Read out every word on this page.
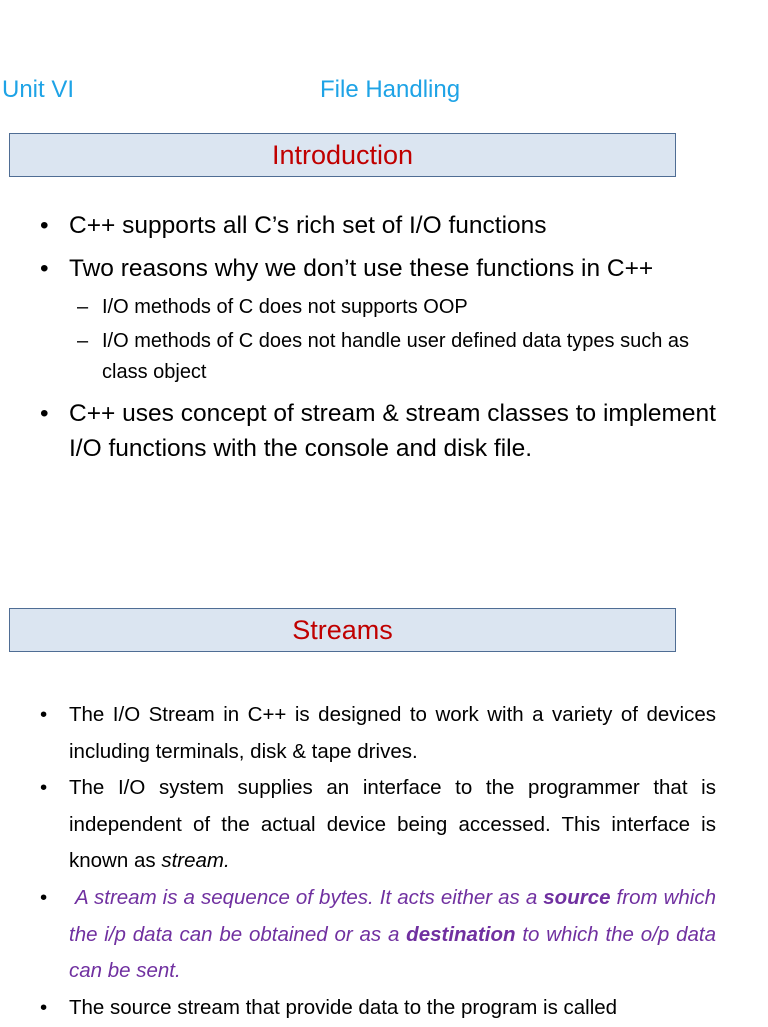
Unit VI	File Handling
Introduction
• C++ supports all C’s rich set of I/O functions
• Two reasons why we don’t use these functions in C++
– I/O methods of C does not supports OOP
– I/O methods of C does not handle user defined data types such as class object
• C++ uses concept of stream & stream classes to implement I/O functions with the console and disk file.
Streams
• The I/O Stream in C++ is designed to work with a variety of devices including terminals, disk & tape drives.
• The I/O system supplies an interface to the programmer that is independent of the actual device being accessed. This interface is known as stream.
• A stream is a sequence of bytes. It acts either as a source from which the i/p data can be obtained or as a destination to which the o/p data can be sent.
• The source stream that provide data to the program is called
